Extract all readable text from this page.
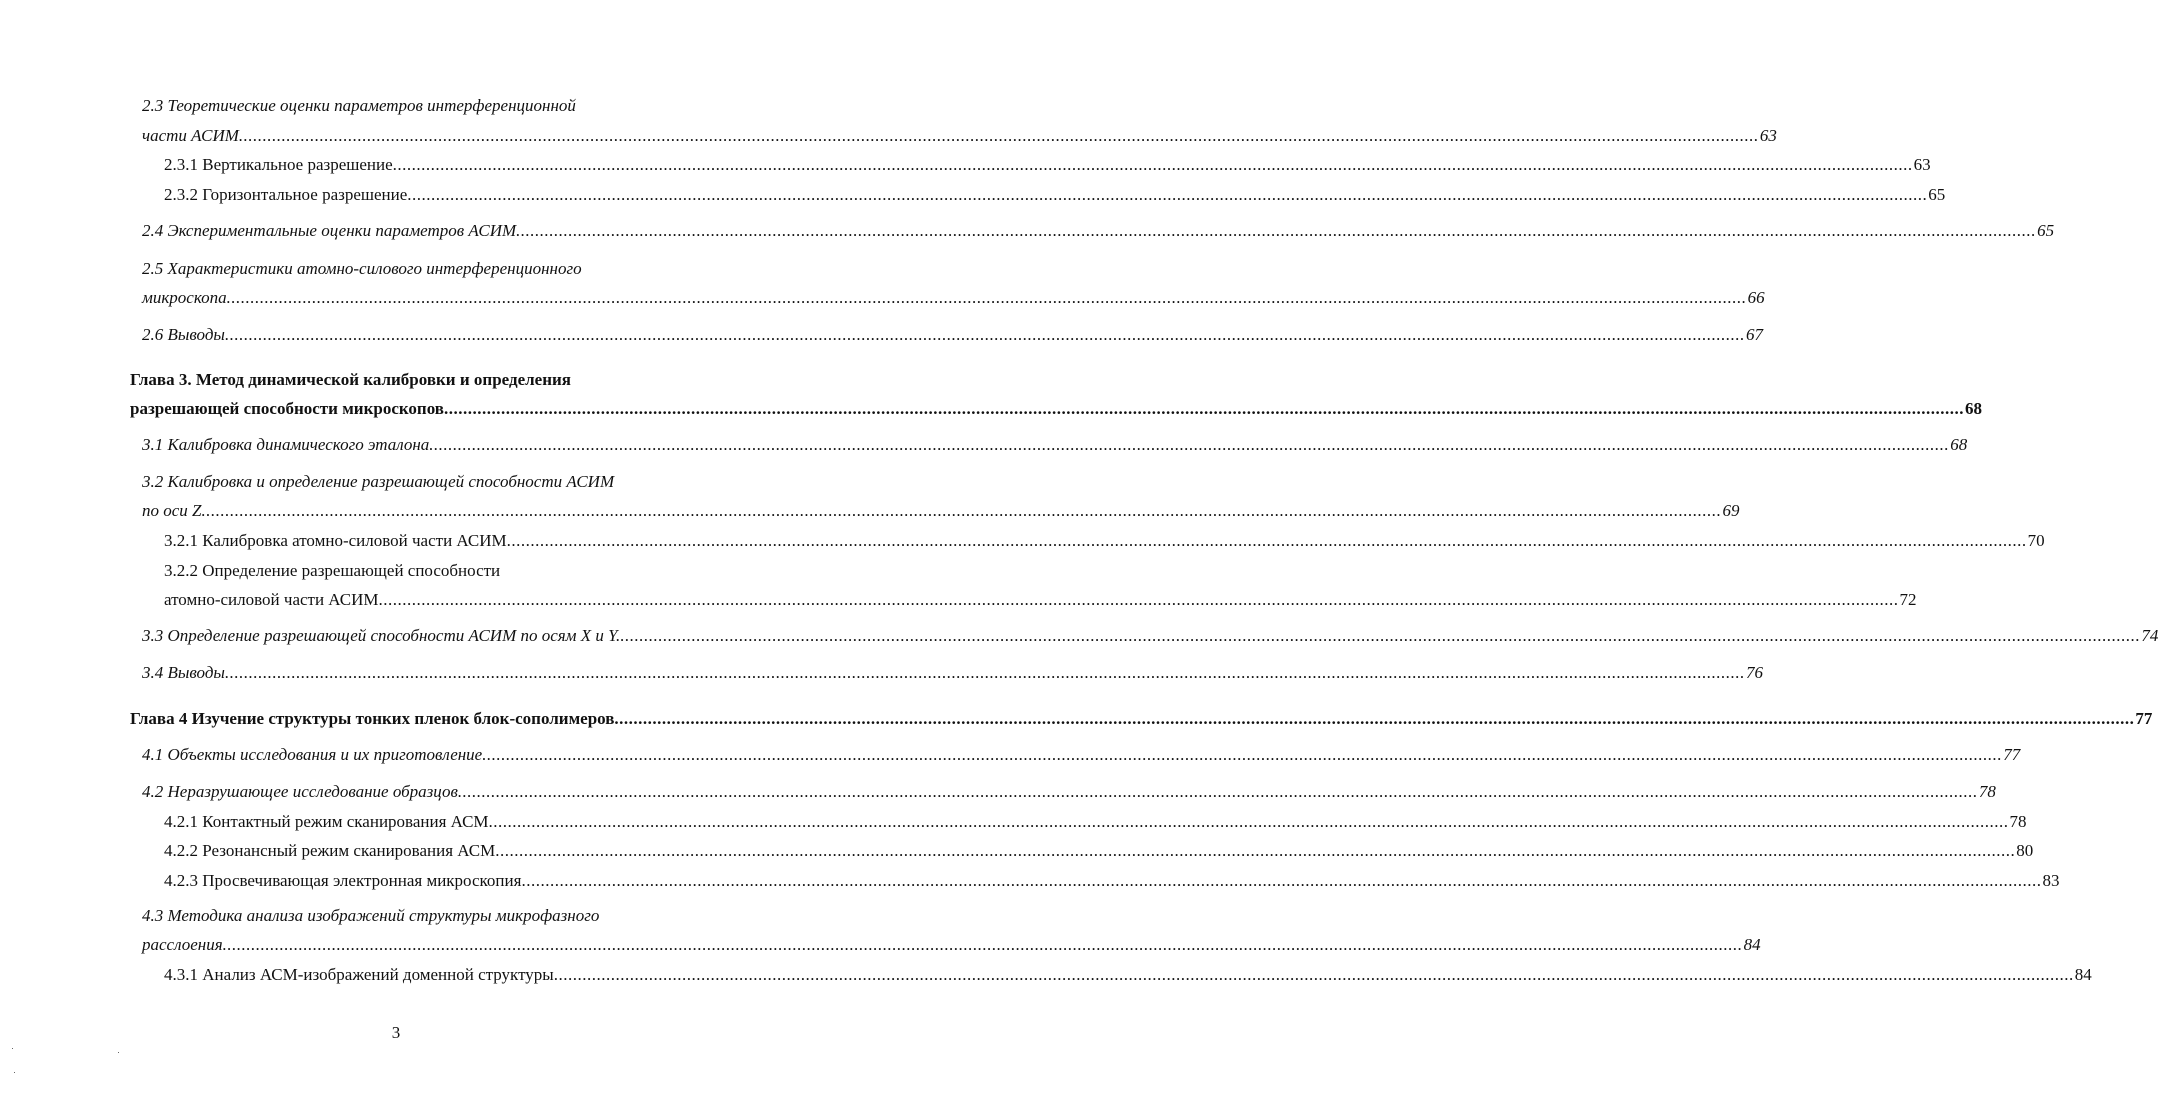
2.3 Теоретические оценки параметров интерференционной
части АСИМ .....	63
2.3.1 Вертикальное разрешение .....	63
2.3.2 Горизонтальное разрешение .....	65
2.4 Экспериментальные оценки параметров АСИМ .....	65
2.5 Характеристики атомно-силового интерференционного
микроскопа .....	66
2.6 Выводы .....	67
Глава 3. Метод динамической калибровки и определения
разрешающей способности микроскопов .....	68
3.1 Калибровка динамического эталона .....	68
3.2 Калибровка и определение разрешающей способности АСИМ
по оси Z .....	69
3.2.1 Калибровка атомно-силовой части АСИМ .....	70
3.2.2 Определение разрешающей способности
атомно-силовой части АСИМ .....	72
3.3 Определение разрешающей способности АСИМ по осям X и Y. .....	74
3.4 Выводы .....	76
Глава 4 Изучение структуры тонких пленок блок-сополимеров .....	77
4.1 Объекты исследования и их приготовление .....	77
4.2 Неразрушающее исследование образцов .....	78
4.2.1 Контактный режим сканирования АСМ .....	78
4.2.2 Резонансный режим сканирования АСМ .....	80
4.2.3 Просвечивающая электронная микроскопия .....	83
4.3 Методика анализа изображений структуры микрофазного
расслоения .....	84
4.3.1 Анализ АСМ-изображений доменной структуры .....	84
3
